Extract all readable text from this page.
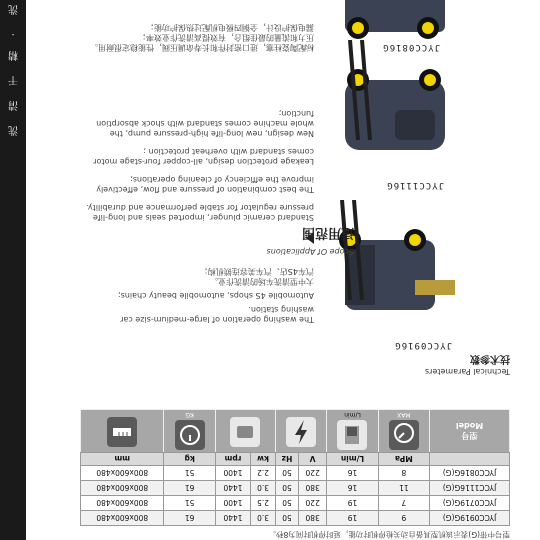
洗
清
干
精
·
洗
型号中带(G)表示该机型具备自动关枪停机时功能，延时停机时间为8秒。
JYCC0919G(G)	9	19	380	50	3.0	1440	61	800x600x480
JYCC0719G(G)	7	19	220	50	2.5	1400	51	800x600x480
JYCC1116G(G)	11	16	380	50	3.0	1440	61	800x600x480
JYCC0816G(G)	8	16	220	50	2.2	1400	51	800x600x480
	MPa	L/min	V	Hz	kw	rpm	kg	mm

型号
Model	MAX	L/min					KG

Technical Parameters
技术参数
JYCC0916G
适用范围
Scope Of Applications

The washing operation of large-medium-size car washing station.

Automobile 4S shops, automobile beauty chains;

大中型清洗车场的清洗作业。

汽车4S店、汽车美容连锁机构；

JYCC1116G

Standard ceramic plunger, imported seals and long-life pressure regulator for stable performance and durability.

The best combination of pressure and flow, effectively improve the efficiency of cleaning operations;

Leakage protection design, all-copper four-stage motor comes standard with overheat protection ;

New design, new long-life high-pressure pump, the whole machine comes standard with shock absorption function;

JYCC0816G

标配陶瓷柱塞，进口密封件和长寿命调压阀，性能稳定很耐用。

压力和流量的最佳组合，有效提高清洗作业效率；

漏电保护设计，全铜四极电机配过热保护功能；
